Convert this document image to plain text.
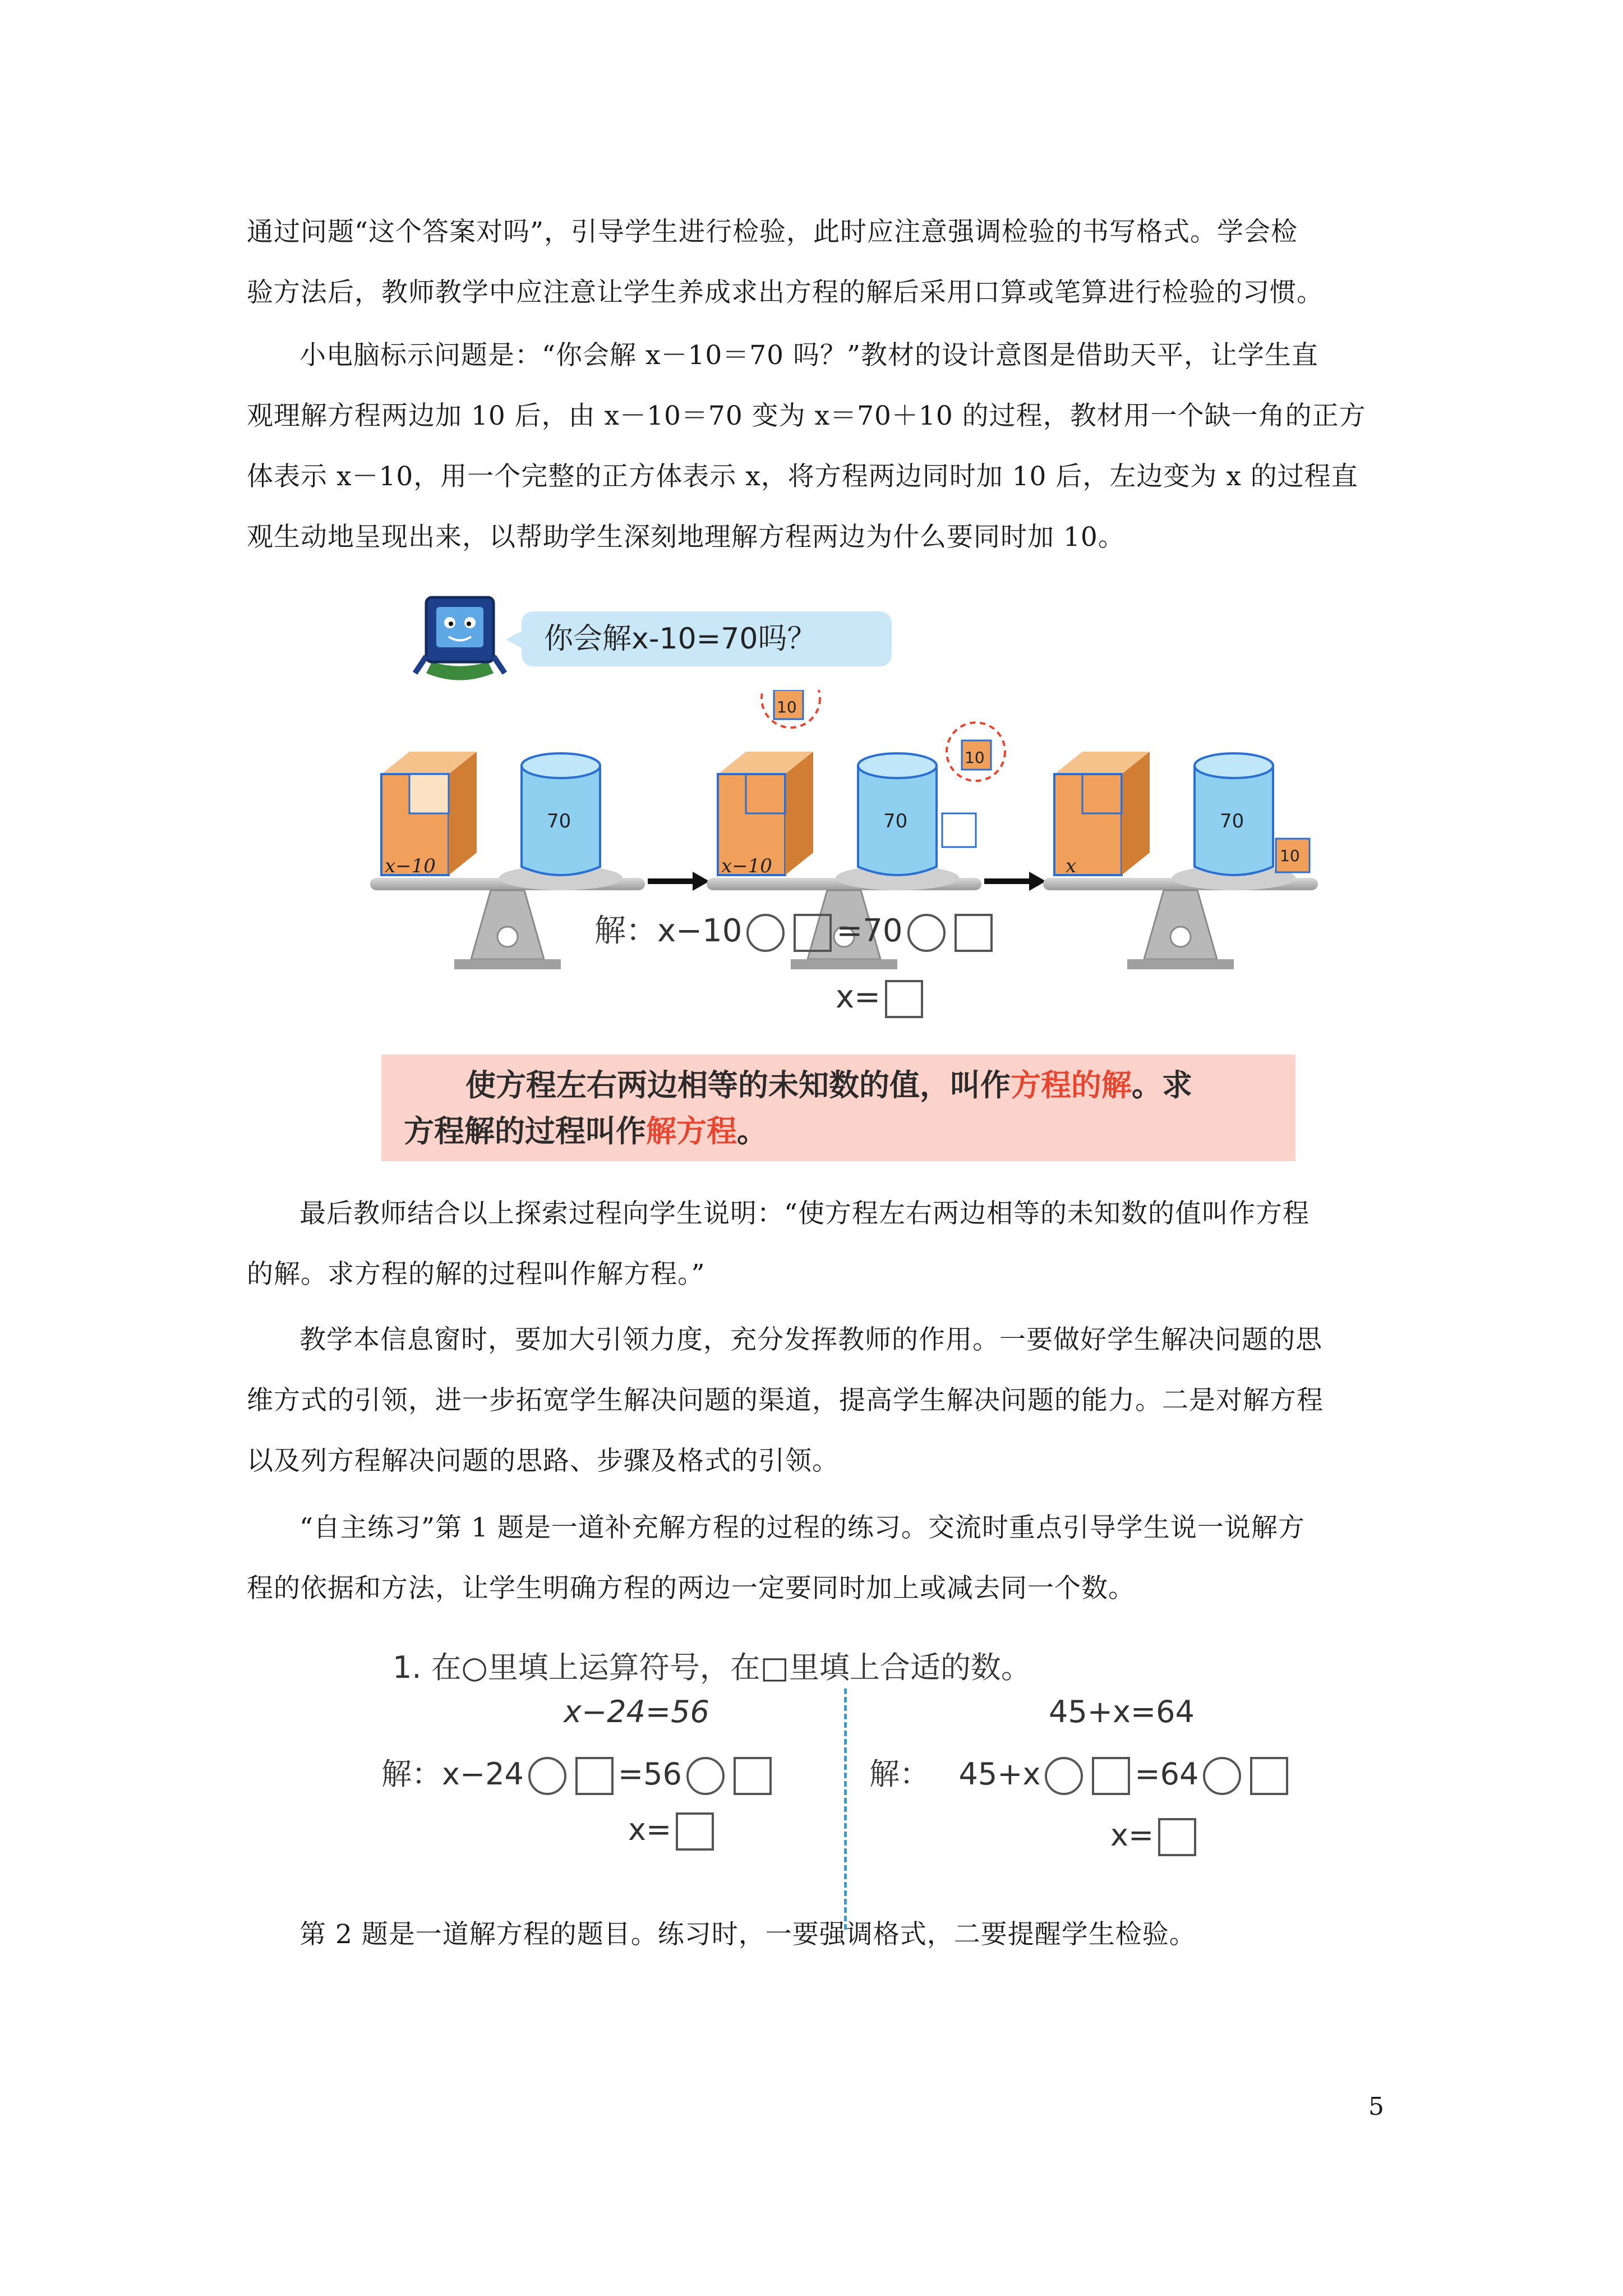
通过问题“这个答案对吗”，引导学生进行检验，此时应注意强调检验的书写格式。学会检
验方法后，教师教学中应注意让学生养成求出方程的解后采用口算或笔算进行检验的习惯。
小电脑标示问题是：“你会解 x－10＝70 吗？”教材的设计意图是借助天平，让学生直
观理解方程两边加 10 后，由 x－10＝70 变为 x＝70＋10 的过程，教材用一个缺一角的正方
体表示 x－10，用一个完整的正方体表示 x，将方程两边同时加 10 后，左边变为 x 的过程直
观生动地呈现出来，以帮助学生深刻地理解方程两边为什么要同时加 10。
你会解x-10=70吗？
x−10
70
x−10
70
10
10
x
70
10
解：x−10	=70
x=
使方程左右两边相等的未知数的值，叫作方程的解。求
方程解的过程叫作解方程。
最后教师结合以上探索过程向学生说明：“使方程左右两边相等的未知数的值叫作方程
的解。求方程的解的过程叫作解方程。”
教学本信息窗时，要加大引领力度，充分发挥教师的作用。一要做好学生解决问题的思
维方式的引领，进一步拓宽学生解决问题的渠道，提高学生解决问题的能力。二是对解方程
以及列方程解决问题的思路、步骤及格式的引领。
“自主练习”第 1 题是一道补充解方程的过程的练习。交流时重点引导学生说一说解方
程的依据和方法，让学生明确方程的两边一定要同时加上或减去同一个数。
1. 在○里填上运算符号，在□里填上合适的数。
x−24=56
解：x−24	=56
x=
45+x=64
解： 45+x	=64
x=
第 2 题是一道解方程的题目。练习时，一要强调格式，二要提醒学生检验。
5
